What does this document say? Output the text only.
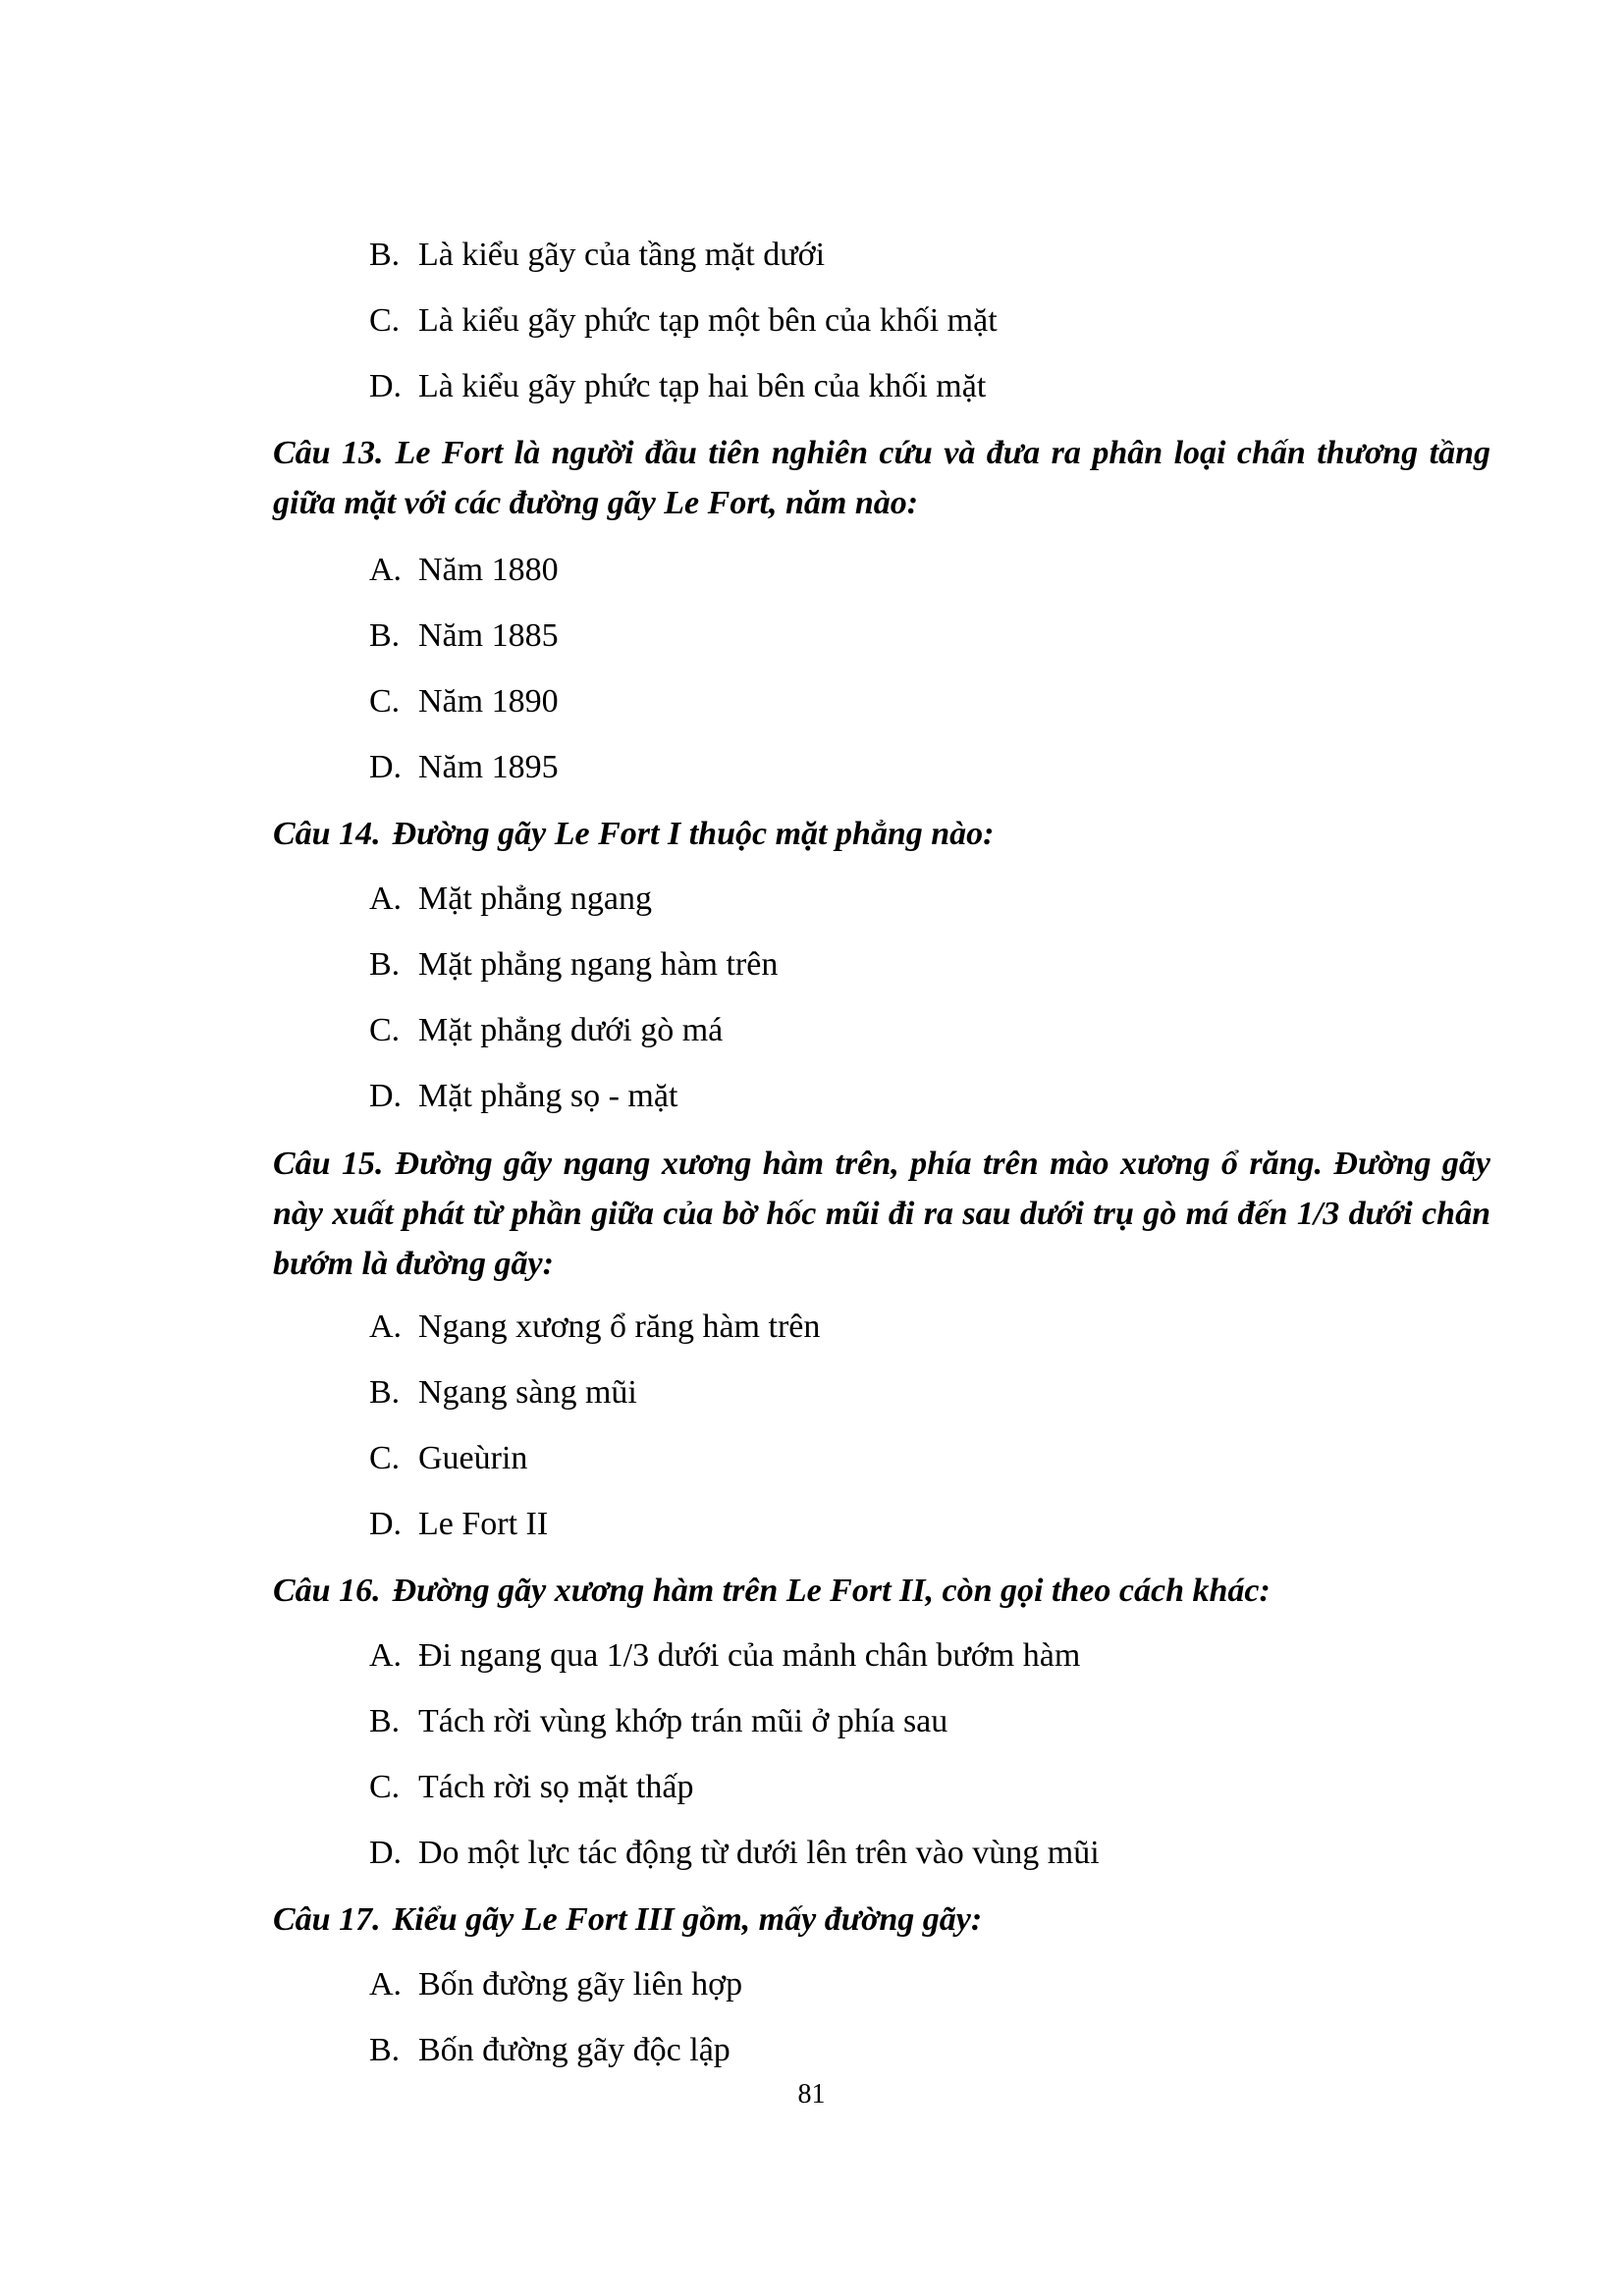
B. Là kiểu gãy của tầng mặt dưới
C. Là kiểu gãy phức tạp một bên của khối mặt
D. Là kiểu gãy phức tạp hai bên của khối mặt
Câu 13. Le Fort là người đầu tiên nghiên cứu và đưa ra phân loại chấn thương tầng giữa mặt với các đường gãy Le Fort, năm nào:
A. Năm 1880
B. Năm 1885
C. Năm 1890
D. Năm 1895
Câu 14. Đường gãy Le Fort I thuộc mặt phẳng nào:
A. Mặt phẳng ngang
B. Mặt phẳng ngang hàm trên
C. Mặt phẳng dưới gò má
D. Mặt phẳng sọ - mặt
Câu 15. Đường gãy ngang xương hàm trên, phía trên mào xương ổ răng. Đường gãy này xuất phát từ phần giữa của bờ hốc mũi đi ra sau dưới trụ gò má đến 1/3 dưới chân bướm là đường gãy:
A. Ngang xương ổ răng hàm trên
B. Ngang sàng mũi
C. Gueùrin
D. Le Fort II
Câu 16. Đường gãy xương hàm trên Le Fort II, còn gọi theo cách khác:
A. Đi ngang qua 1/3 dưới của mảnh chân bướm hàm
B. Tách rời vùng khớp trán mũi ở phía sau
C. Tách rời sọ mặt thấp
D. Do một lực tác động từ dưới lên trên vào vùng mũi
Câu 17. Kiểu gãy Le Fort III gồm, mấy đường gãy:
A. Bốn đường gãy liên hợp
B. Bốn đường gãy độc lập
81
